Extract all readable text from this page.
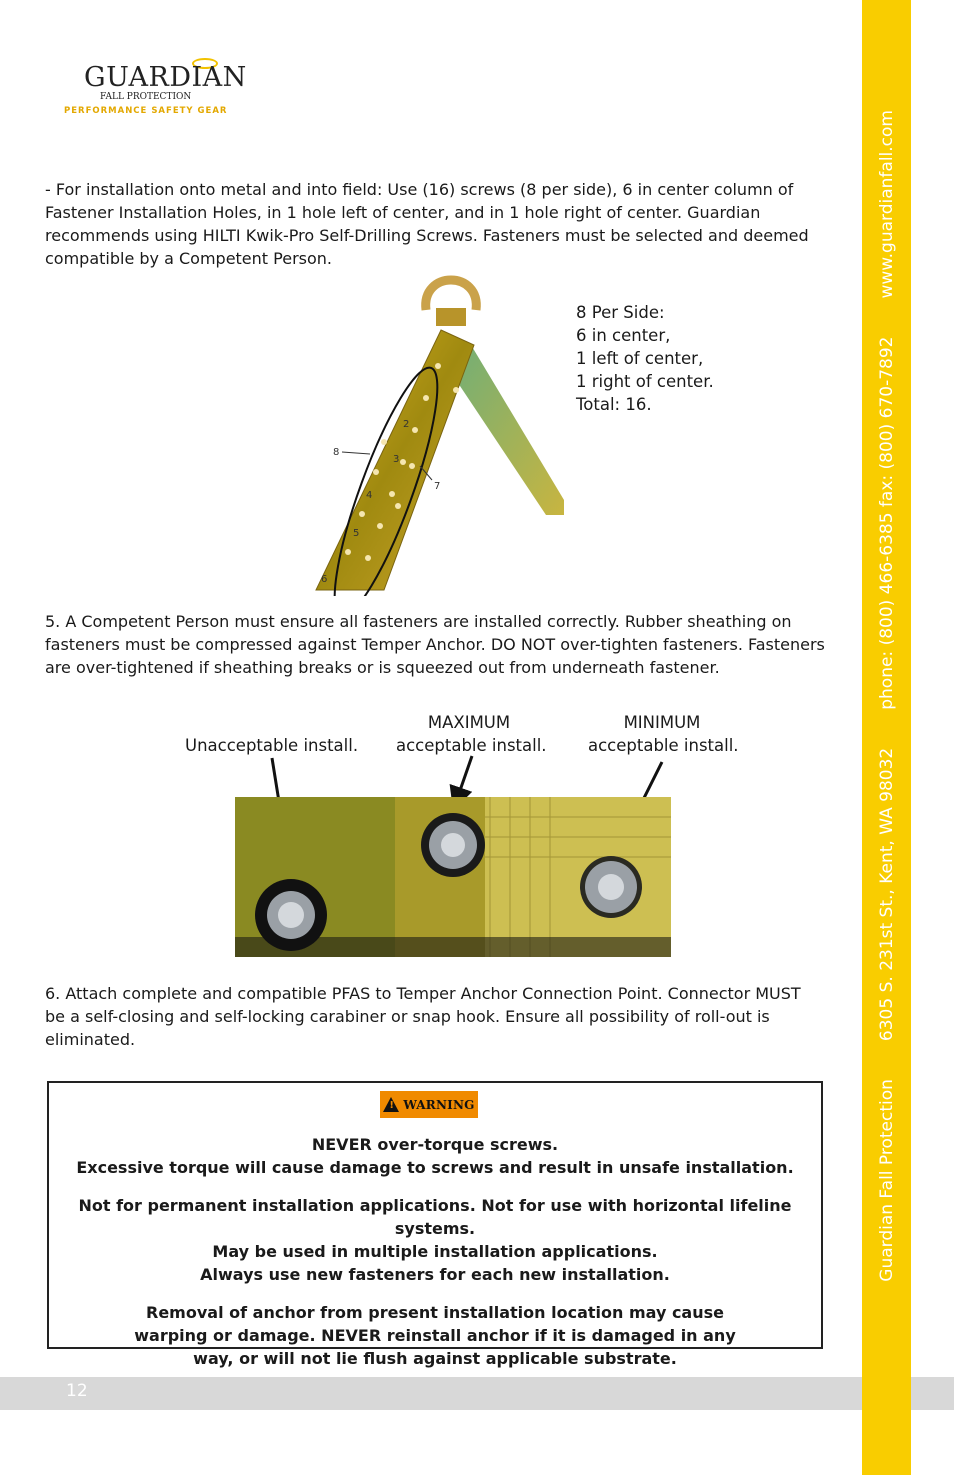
GUARDIAN
FALL PROTECTION
PERFORMANCE SAFETY GEAR

- For installation onto metal and into field: Use (16) screws (8 per side), 6 in center column of Fastener Installation Holes, in 1 hole left of center, and in 1 hole right of center. Guardian recommends using HILTI Kwik-Pro Self-Drilling Screws. Fasteners must be selected and deemed compatible by a Competent Person.

2
3
4
5
6
7
8
8 Per Side:
6 in center,
1 left of center,
1 right of center.
Total: 16.

5. A Competent Person must ensure all fasteners are installed correctly. Rubber sheathing on fasteners must be compressed against Temper Anchor. DO NOT over-tighten fasteners. Fasteners are over-tightened if sheathing breaks or is squeezed out from underneath fastener.

Unacceptable install.
MAXIMUM
acceptable install.
MINIMUM
acceptable install.

6. Attach complete and compatible PFAS to Temper Anchor Connection Point. Connector MUST be a self-closing and self-locking carabiner or snap hook. Ensure all possibility of roll-out is eliminated.

!
WARNING

NEVER over-torque screws.
Excessive torque will cause damage to screws and result in unsafe installation.

Not for permanent installation applications. Not for use with horizontal lifeline systems.
May be used in multiple installation applications.
Always use new fasteners for each new installation.

Removal of anchor from present installation location may cause
warping or damage. NEVER reinstall anchor if it is damaged in any
way, or will not lie flush against applicable substrate.

12
Guardian Fall Protection
6305 S. 231st St., Kent, WA 98032
phone: (800) 466-6385 fax: (800) 670-7892
www.guardianfall.com
